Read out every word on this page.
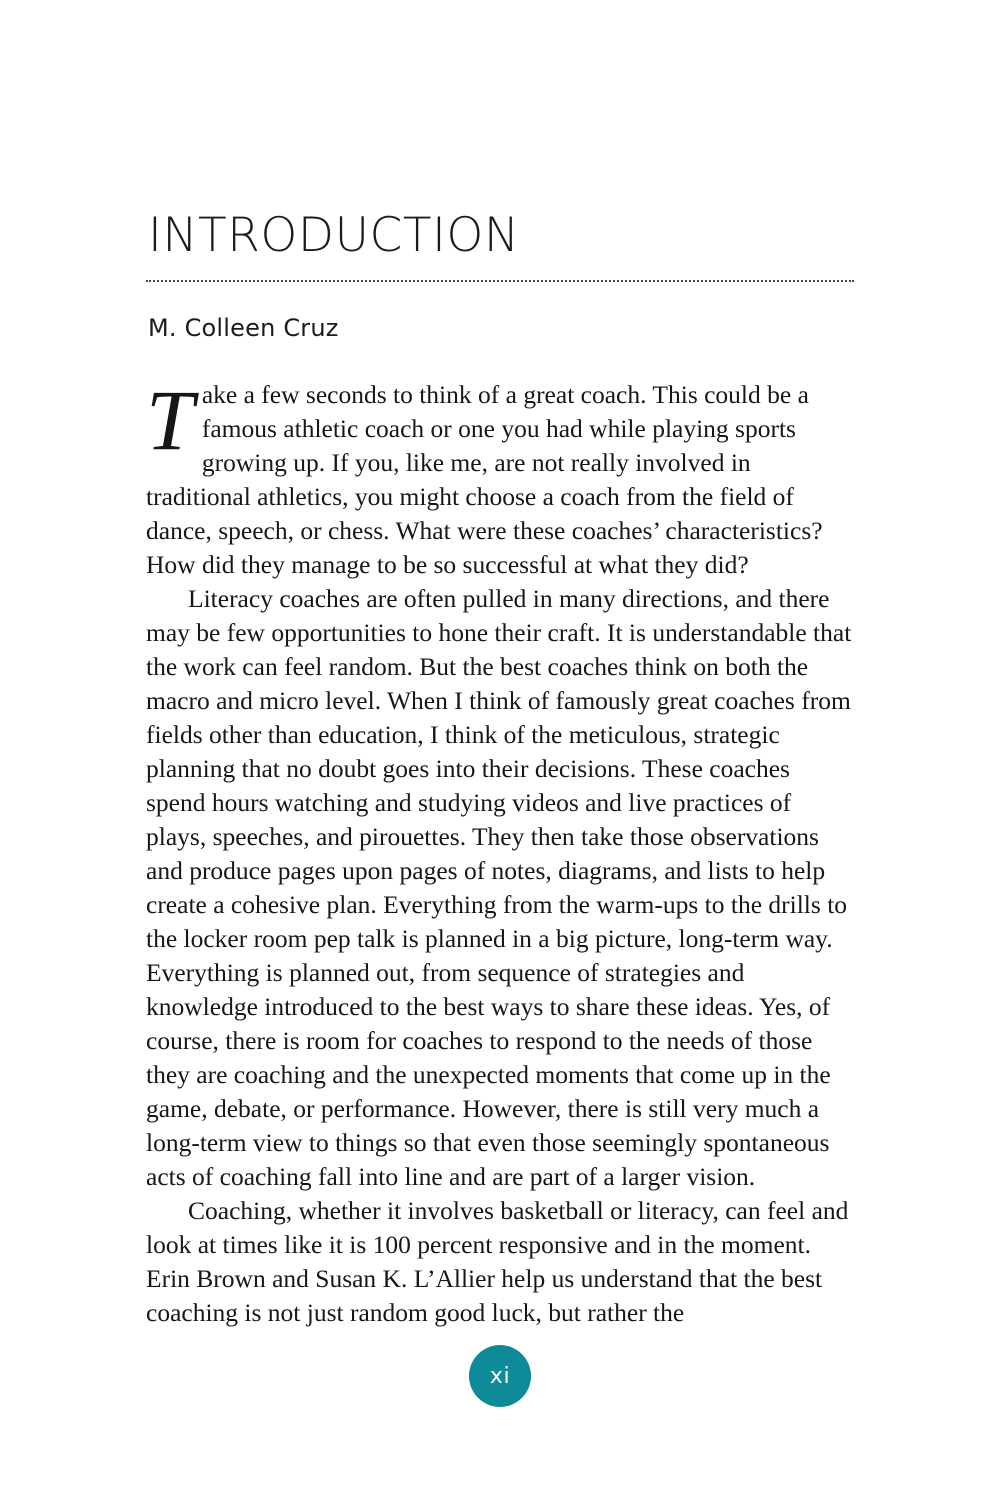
INTRODUCTION
M. Colleen Cruz

Take a few seconds to think of a great coach. This could be a famous athletic coach or one you had while playing sports growing up. If you, like me, are not really involved in traditional athletics, you might choose a coach from the field of dance, speech, or chess. What were these coaches’ characteristics? How did they manage to be so successful at what they did?

Literacy coaches are often pulled in many directions, and there may be few opportunities to hone their craft. It is understandable that the work can feel random. But the best coaches think on both the macro and micro level. When I think of famously great coaches from fields other than education, I think of the meticulous, strategic planning that no doubt goes into their decisions. These coaches spend hours watching and studying videos and live practices of plays, speeches, and pirouettes. They then take those observations and produce pages upon pages of notes, diagrams, and lists to help create a cohesive plan. Everything from the warm-ups to the drills to the locker room pep talk is planned in a big picture, long-term way. Everything is planned out, from sequence of strategies and knowledge introduced to the best ways to share these ideas. Yes, of course, there is room for coaches to respond to the needs of those they are coaching and the unexpected moments that come up in the game, debate, or performance. However, there is still very much a long-term view to things so that even those seemingly spontaneous acts of coaching fall into line and are part of a larger vision.

Coaching, whether it involves basketball or literacy, can feel and look at times like it is 100 percent responsive and in the moment. Erin Brown and Susan K. L’Allier help us understand that the best coaching is not just random good luck, but rather the

xi
